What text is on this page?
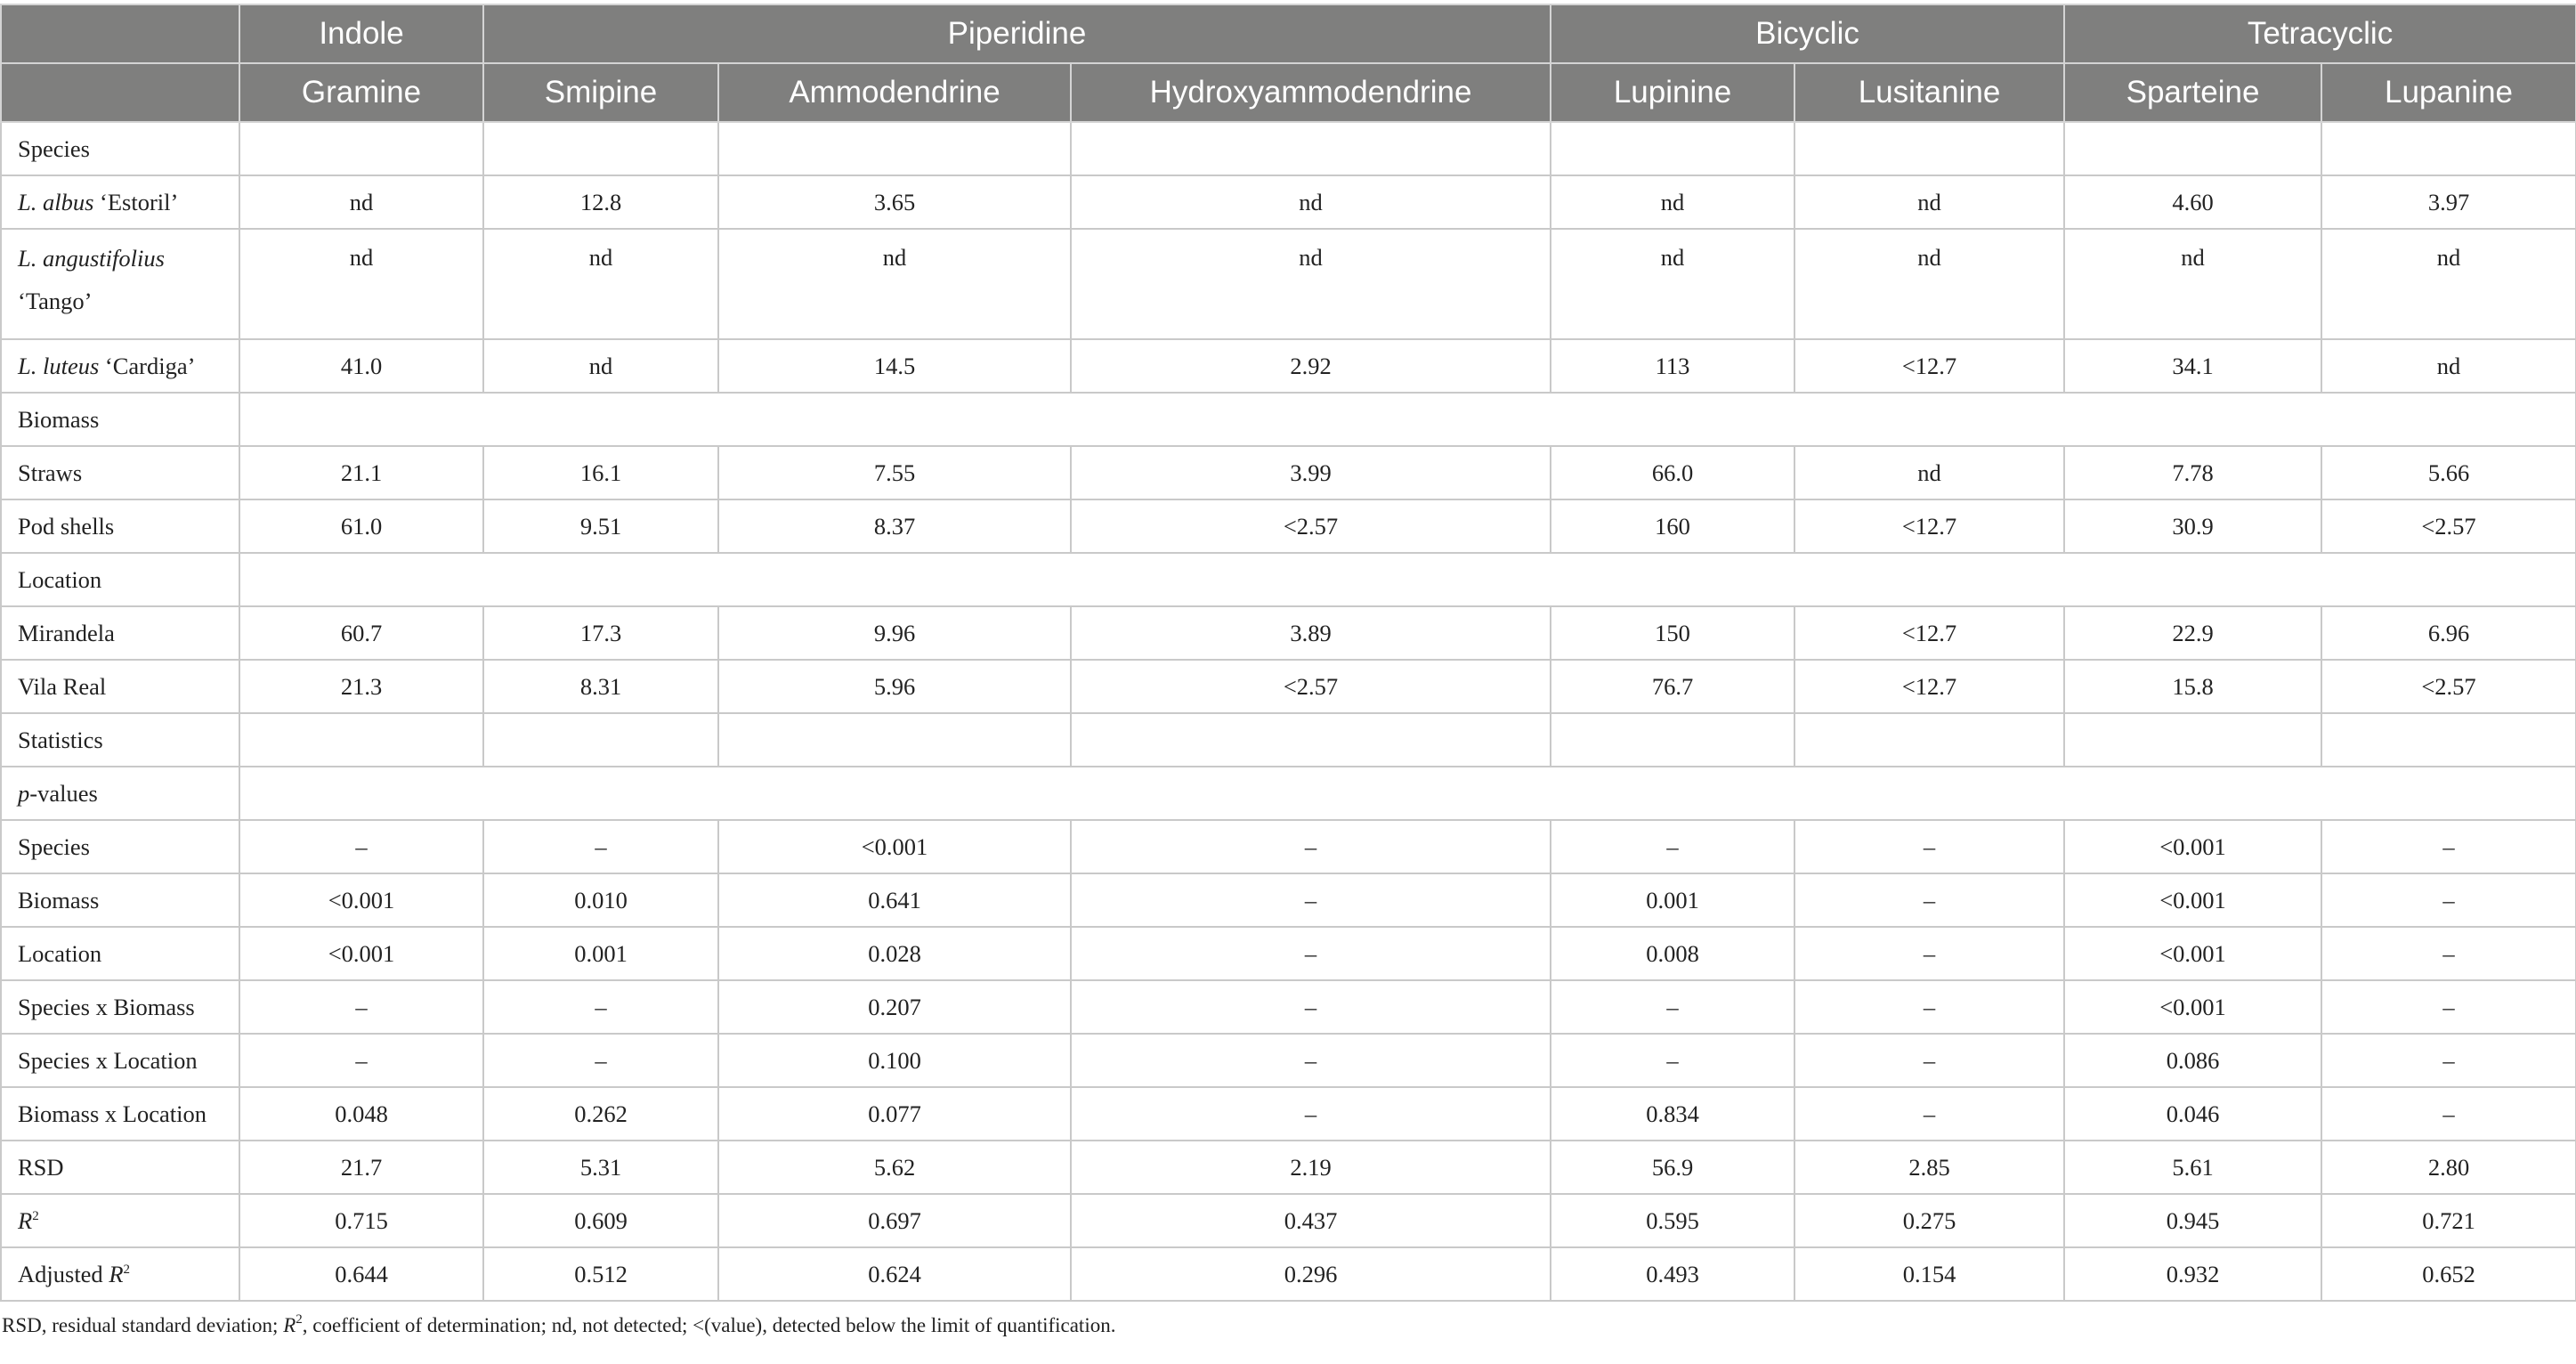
	Indole	Piperidine			Bicyclic		Tetracyclic	
	Gramine	Smipine	Ammodendrine	Hydroxyammodendrine	Lupinine	Lusitanine	Sparteine	Lupanine
Species								
L. albus ‘Estoril’	nd	12.8	3.65	nd	nd	nd	4.60	3.97
L. angustifolius ‘Tango’	nd	nd	nd	nd	nd	nd	nd	nd
L. luteus ‘Cardiga’	41.0	nd	14.5	2.92	113	<12.7	34.1	nd
Biomass								
Straws	21.1	16.1	7.55	3.99	66.0	nd	7.78	5.66
Pod shells	61.0	9.51	8.37	<2.57	160	<12.7	30.9	<2.57
Location								
Mirandela	60.7	17.3	9.96	3.89	150	<12.7	22.9	6.96
Vila Real	21.3	8.31	5.96	<2.57	76.7	<12.7	15.8	<2.57
Statistics								
p-values								
Species	–	–	<0.001	–	–	–	<0.001	–
Biomass	<0.001	0.010	0.641	–	0.001	–	<0.001	–
Location	<0.001	0.001	0.028	–	0.008	–	<0.001	–
Species x Biomass	–	–	0.207	–	–	–	<0.001	–
Species x Location	–	–	0.100	–	–	–	0.086	–
Biomass x Location	0.048	0.262	0.077	–	0.834	–	0.046	–
RSD	21.7	5.31	5.62	2.19	56.9	2.85	5.61	2.80
$R^2$	0.715	0.609	0.697	0.437	0.595	0.275	0.945	0.721
Adjusted $R^2$	0.644	0.512	0.624	0.296	0.493	0.154	0.932	0.652
RSD, residual standard deviation; $R^2$, coefficient of determination; nd, not detected; <(value), detected below the limit of quantification.
